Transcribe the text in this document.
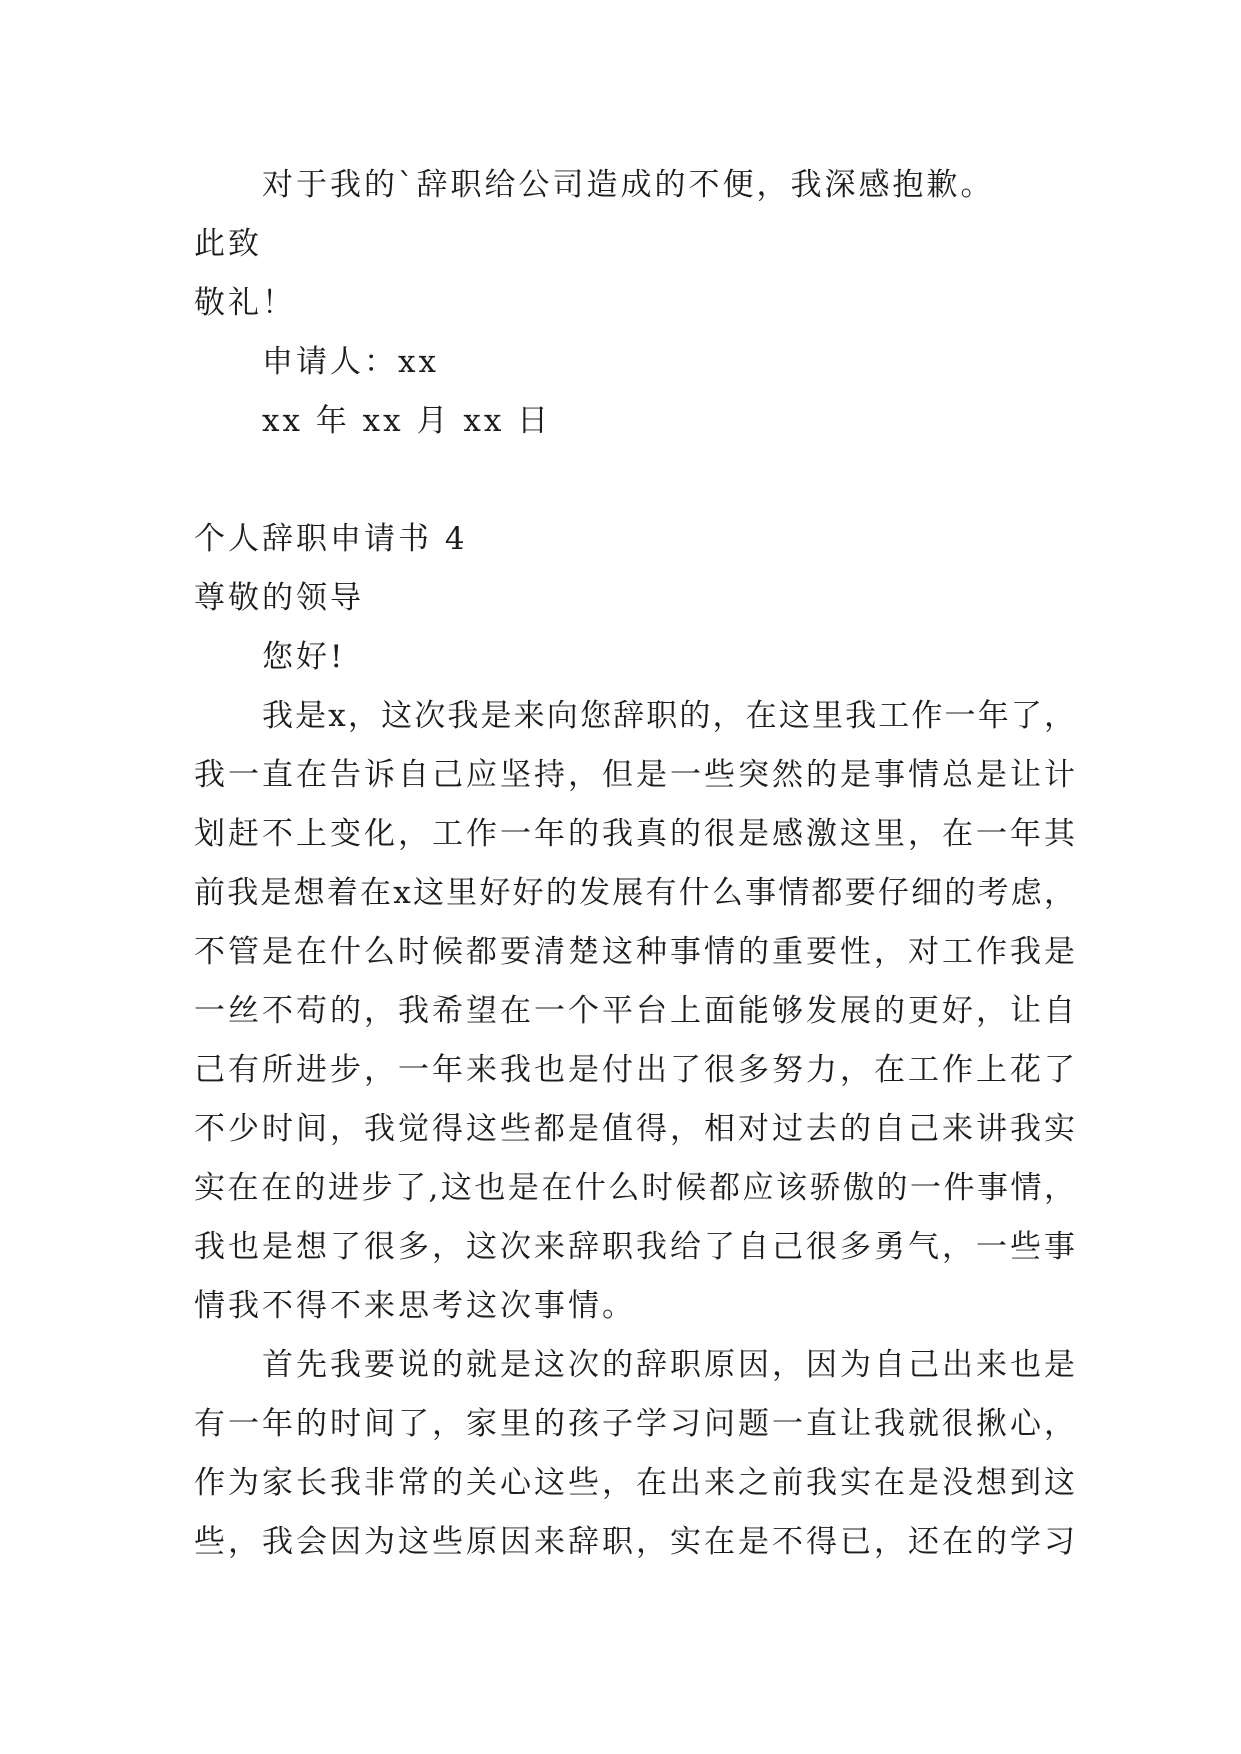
对于我的`辞职给公司造成的不便，我深感抱歉。
此致
敬礼！
申请人：xx
xx 年 xx 月 xx 日
个人辞职申请书 4
尊敬的领导
您好!
我是x，这次我是来向您辞职的，在这里我工作一年了，
我一直在告诉自己应坚持，但是一些突然的是事情总是让计
划赶不上变化，工作一年的我真的很是感激这里，在一年其
前我是想着在x这里好好的发展有什么事情都要仔细的考虑，
不管是在什么时候都要清楚这种事情的重要性，对工作我是
一丝不苟的，我希望在一个平台上面能够发展的更好，让自
己有所进步，一年来我也是付出了很多努力，在工作上花了
不少时间，我觉得这些都是值得，相对过去的自己来讲我实
实在在的进步了,这也是在什么时候都应该骄傲的一件事情，
我也是想了很多，这次来辞职我给了自己很多勇气，一些事
情我不得不来思考这次事情。
首先我要说的就是这次的辞职原因，因为自己出来也是
有一年的时间了，家里的孩子学习问题一直让我就很揪心，
作为家长我非常的关心这些，在出来之前我实在是没想到这
些，我会因为这些原因来辞职，实在是不得已，还在的学习
